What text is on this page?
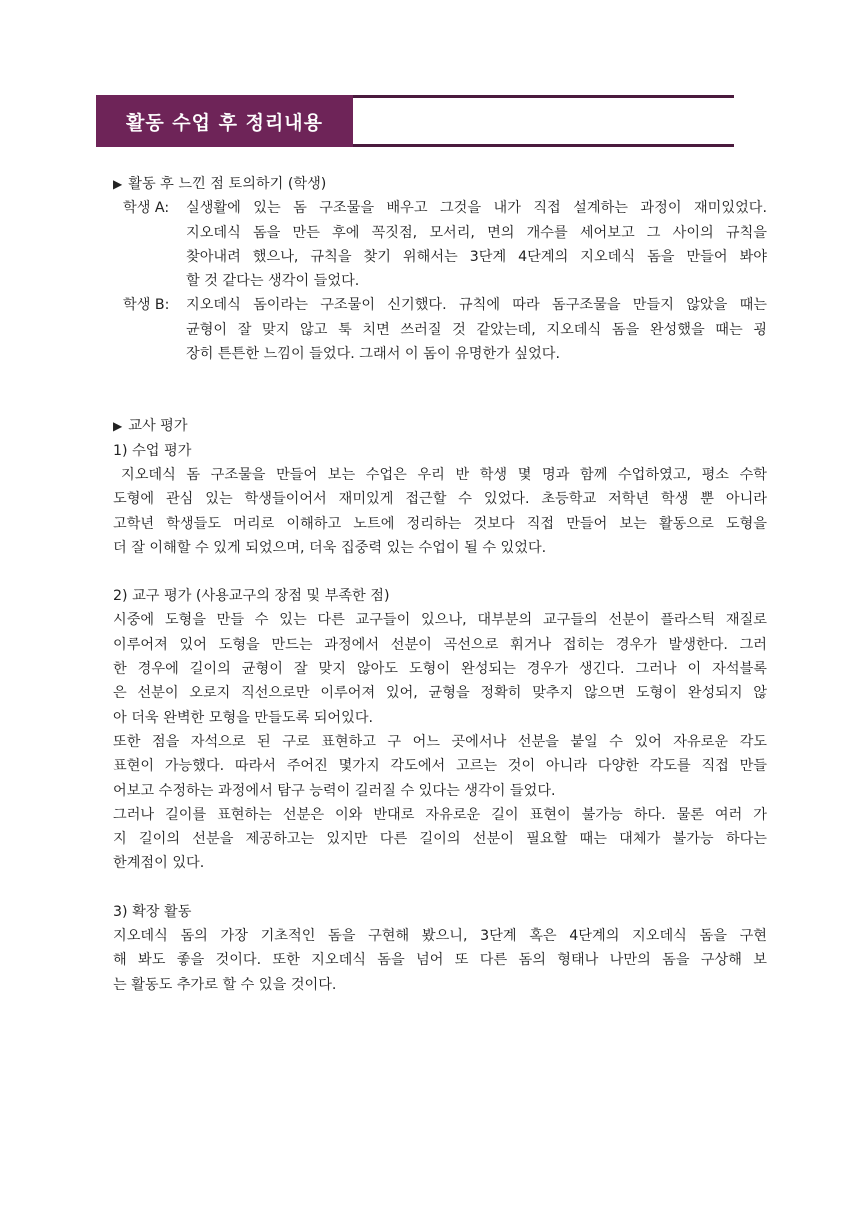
활동 수업 후 정리내용
▶ 활동 후 느낀 점 토의하기 (학생)
학생 A:	실생활에 있는 돔 구조물을 배우고 그것을 내가 직접 설계하는 과정이 재미있었다.
지오데식 돔을 만든 후에 꼭짓점, 모서리, 면의 개수를 세어보고 그 사이의 규칙을
찾아내려 했으나, 규칙을 찾기 위해서는 3단계 4단계의 지오데식 돔을 만들어 봐야
할 것 같다는 생각이 들었다.
학생 B:	지오데식 돔이라는 구조물이 신기했다. 규칙에 따라 돔구조물을 만들지 않았을 때는
균형이 잘 맞지 않고 툭 치면 쓰러질 것 같았는데, 지오데식 돔을 완성했을 때는 굉
장히 튼튼한 느낌이 들었다. 그래서 이 돔이 유명한가 싶었다.
▶ 교사 평가
1) 수업 평가
지오데식 돔 구조물을 만들어 보는 수업은 우리 반 학생 몇 명과 함께 수업하였고, 평소 수학
도형에 관심 있는 학생들이어서 재미있게 접근할 수 있었다. 초등학교 저학년 학생 뿐 아니라
고학년 학생들도 머리로 이해하고 노트에 정리하는 것보다 직접 만들어 보는 활동으로 도형을
더 잘 이해할 수 있게 되었으며, 더욱 집중력 있는 수업이 될 수 있었다.
2) 교구 평가 (사용교구의 장점 및 부족한 점)
시중에 도형을 만들 수 있는 다른 교구들이 있으나, 대부분의 교구들의 선분이 플라스틱 재질로
이루어져 있어 도형을 만드는 과정에서 선분이 곡선으로 휘거나 접히는 경우가 발생한다. 그러
한 경우에 길이의 균형이 잘 맞지 않아도 도형이 완성되는 경우가 생긴다. 그러나 이 자석블록
은 선분이 오로지 직선으로만 이루어져 있어, 균형을 정확히 맞추지 않으면 도형이 완성되지 않
아 더욱 완벽한 모형을 만들도록 되어있다.
또한 점을 자석으로 된 구로 표현하고 구 어느 곳에서나 선분을 붙일 수 있어 자유로운 각도
표현이 가능했다. 따라서 주어진 몇가지 각도에서 고르는 것이 아니라 다양한 각도를 직접 만들
어보고 수정하는 과정에서 탐구 능력이 길러질 수 있다는 생각이 들었다.
그러나 길이를 표현하는 선분은 이와 반대로 자유로운 길이 표현이 불가능 하다. 물론 여러 가
지 길이의 선분을 제공하고는 있지만 다른 길이의 선분이 필요할 때는 대체가 불가능 하다는
한계점이 있다.
3) 확장 활동
지오데식 돔의 가장 기초적인 돔을 구현해 봤으니, 3단계 혹은 4단계의 지오데식 돔을 구현
해 봐도 좋을 것이다. 또한 지오데식 돔을 넘어 또 다른 돔의 형태나 나만의 돔을 구상해 보
는 활동도 추가로 할 수 있을 것이다.
